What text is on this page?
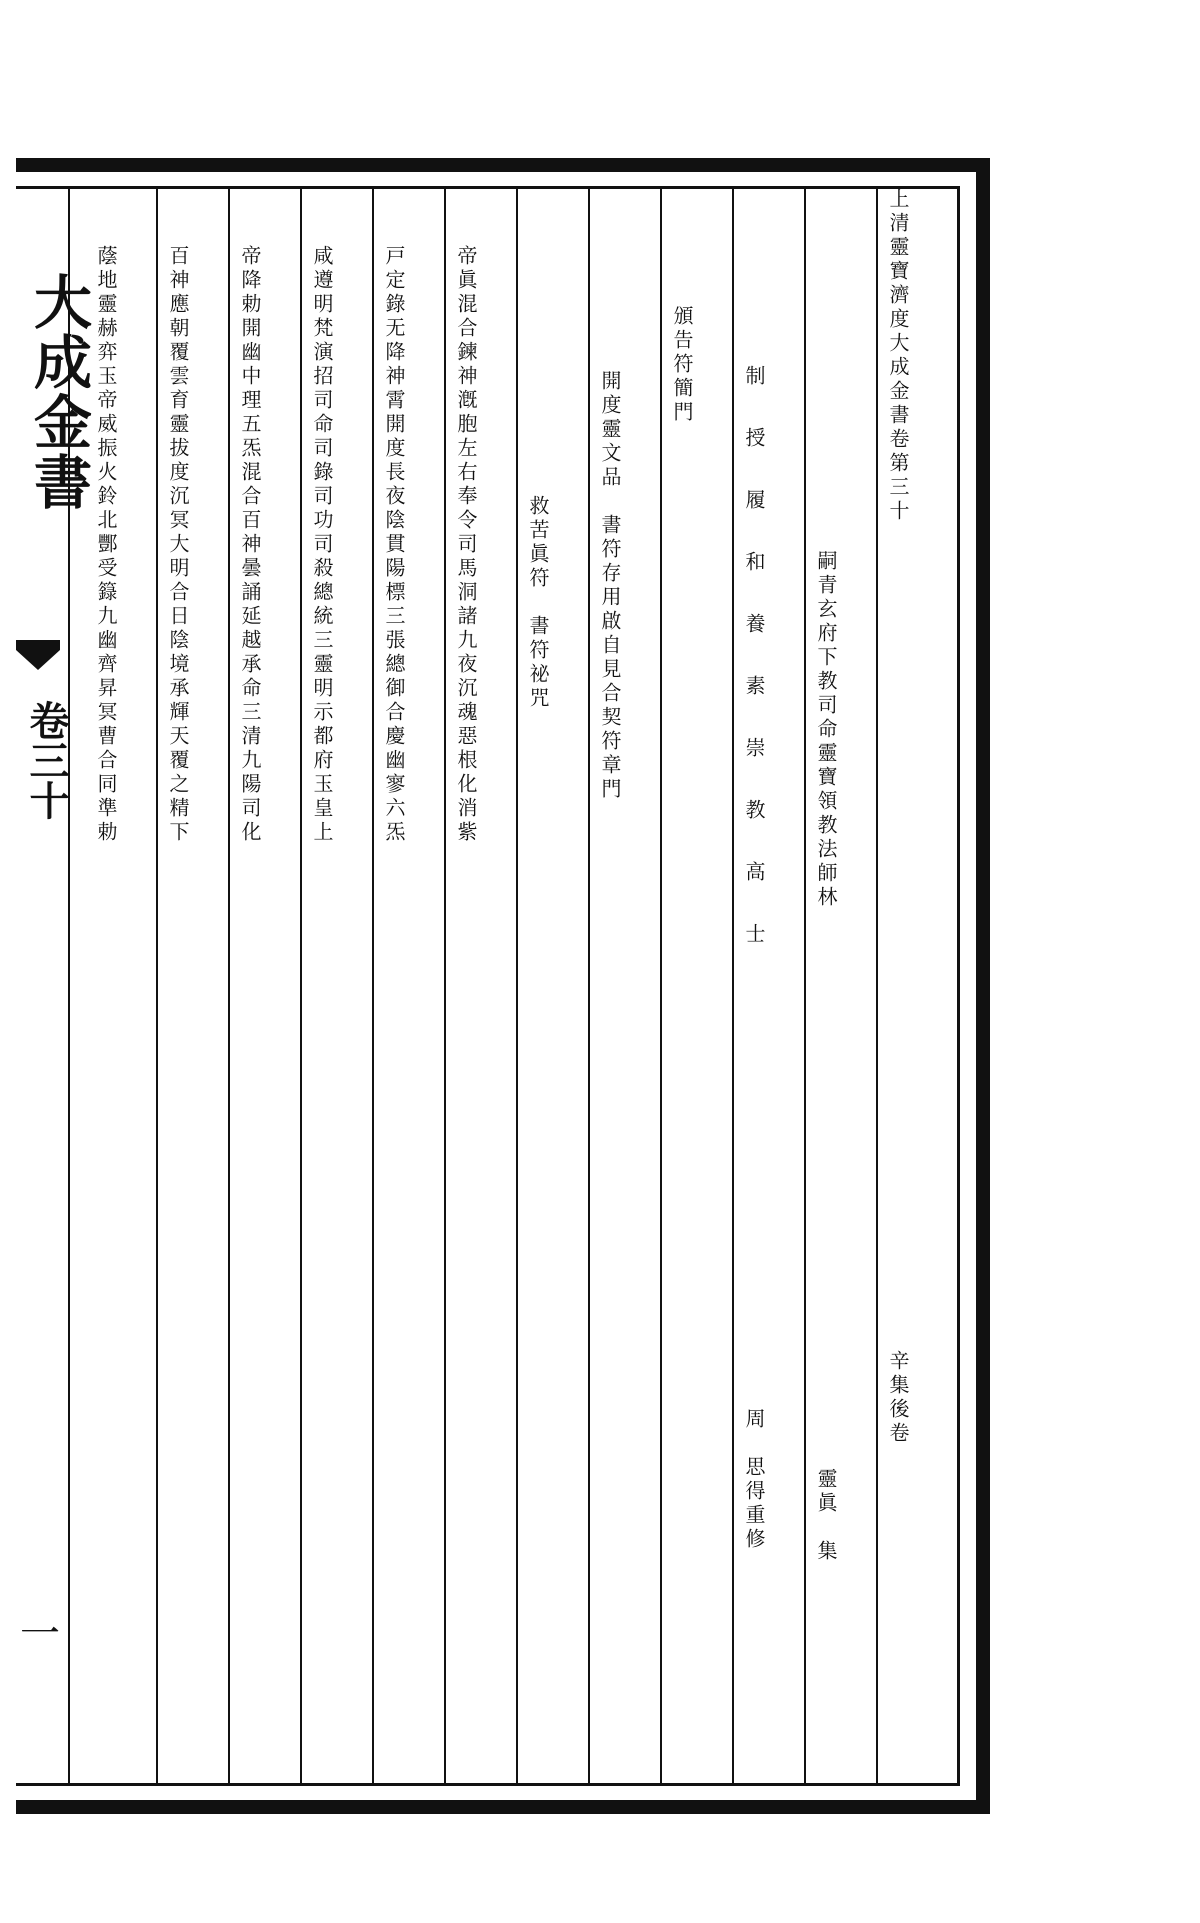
大成金書
卷三十
一
上清靈寶濟度大成金書卷第三十
辛集後卷
嗣青玄府下教司命靈寶領教法師林
靈眞　集
制授履和養素崇教高士
周　思得重修
頒告符簡門
開度靈文品　書符存用啟自見合契符章門
救苦眞符　書符祕咒
帝眞混合鍊神漑胞左右奉令司馬洞諸九夜沉魂惡根化消紫
戸定錄无降神霄開度長夜陰貫陽標三張總御合慶幽寥六炁
咸遵明梵演招司命司錄司功司殺總統三靈明示都府玉皇上
帝降勅開幽中理五炁混合百神曇誦延越承命三清九陽司化
百神應朝覆雲育靈拔度沉冥大明合日陰境承輝天覆之精下
蔭地靈赫弈玉帝威振火鈴北酆受籙九幽齊昇冥曹合同準勅
